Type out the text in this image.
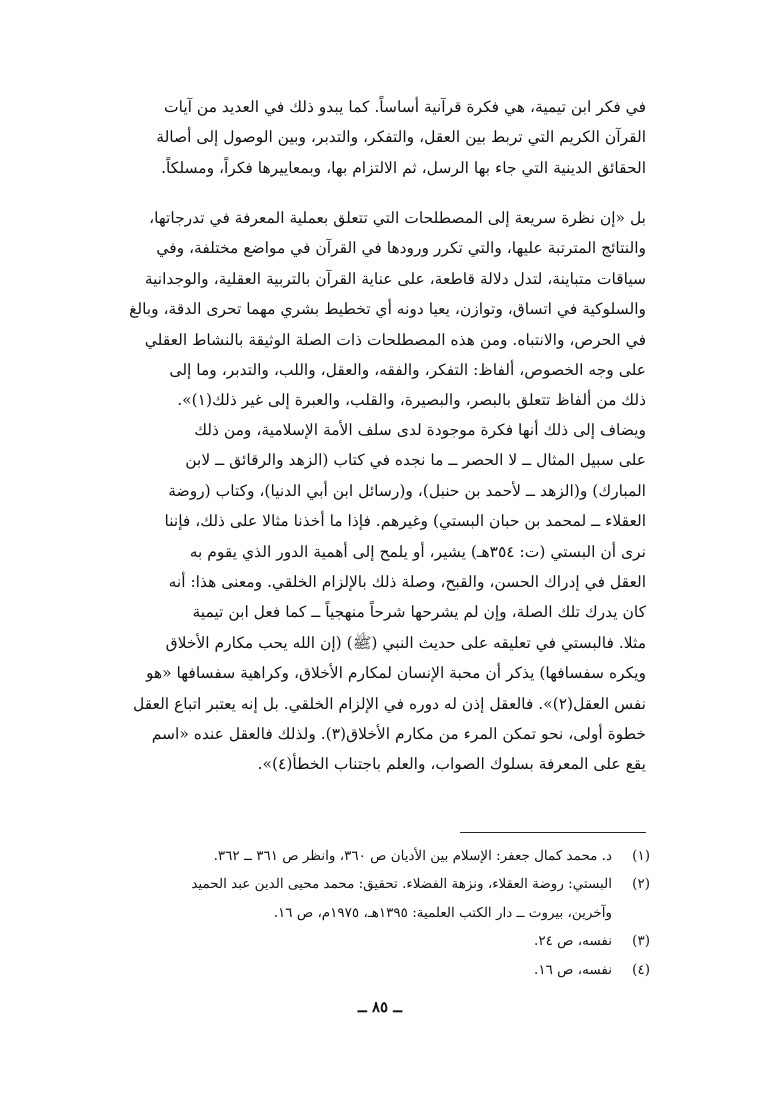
في فكر ابن تيمية، هي فكرة قرآنية أساساً. كما يبدو ذلك في العديد من آيات
القرآن الكريم التي تربط بين العقل، والتفكر، والتدبر، وبين الوصول إلى أصالة
الحقائق الدينية التي جاء بها الرسل، ثم الالتزام بها، وبمعاييرها فكراً، ومسلكاً.
بل «إن نظرة سريعة إلى المصطلحات التي تتعلق بعملية المعرفة في تدرجاتها،
والنتائج المترتبة عليها، والتي تكرر ورودها في القرآن في مواضع مختلفة، وفي
سياقات متباينة، لتدل دلالة قاطعة، على عناية القرآن بالتربية العقلية، والوجدانية
والسلوكية في اتساق، وتوازن، يعيا دونه أي تخطيط بشري مهما تحرى الدقة، وبالغ
في الحرص، والانتباه. ومن هذه المصطلحات ذات الصلة الوثيقة بالنشاط العقلي
على وجه الخصوص، ألفاظ: التفكر، والفقه، والعقل، واللب، والتدبر، وما إلى
ذلك من ألفاظ تتعلق بالبصر، والبصيرة، والقلب، والعبرة إلى غير ذلك(١)».
ويضاف إلى ذلك أنها فكرة موجودة لدى سلف الأمة الإسلامية، ومن ذلك
على سبيل المثال ــ لا الحصر ــ ما نجده في كتاب (الزهد والرقائق ــ لابن
المبارك) و(الزهد ــ لأحمد بن حنبل)، و(رسائل ابن أبي الدنيا)، وكتاب (روضة
العقلاء ــ لمحمد بن حبان البستي) وغيرهم. فإذا ما أخذنا مثالا على ذلك، فإننا
نرى أن البستي (ت: ٣٥٤هـ) يشير، أو يلمح إلى أهمية الدور الذي يقوم به
العقل في إدراك الحسن، والقبح، وصلة ذلك بالإلزام الخلقي. ومعنى هذا: أنه
كان يدرك تلك الصلة، وإن لم يشرحها شرحاً منهجياً ــ كما فعل ابن تيمية
مثلا. فالبستي في تعليقه على حديث النبي (ﷺ) (إن الله يحب مكارم الأخلاق
ويكره سفسافها) يذكر أن محبة الإنسان لمكارم الأخلاق، وكراهية سفسافها «هو
نفس العقل(٢)». فالعقل إذن له دوره في الإلزام الخلقي. بل إنه يعتبر اتباع العقل
خطوة أولى، نحو تمكن المرء من مكارم الأخلاق(٣). ولذلك فالعقل عنده «اسم
يقع على المعرفة بسلوك الصواب، والعلم باجتناب الخطأ(٤)».
(١)
د. محمد كمال جعفر: الإسلام بين الأديان ص ٣٦٠، وانظر ص ٣٦١ ــ ٣٦٢.
(٢)
البستي: روضة العقلاء، ونزهة الفضلاء. تحقيق: محمد محيى الدين عبد الحميد
وآخرين، بيروت ــ دار الكتب العلمية: ١٣٩٥هـ، ١٩٧٥م، ص ١٦.
(٣)
نفسه، ص ٢٤.
(٤)
نفسه، ص ١٦.
ــ ٨٥ ــ
